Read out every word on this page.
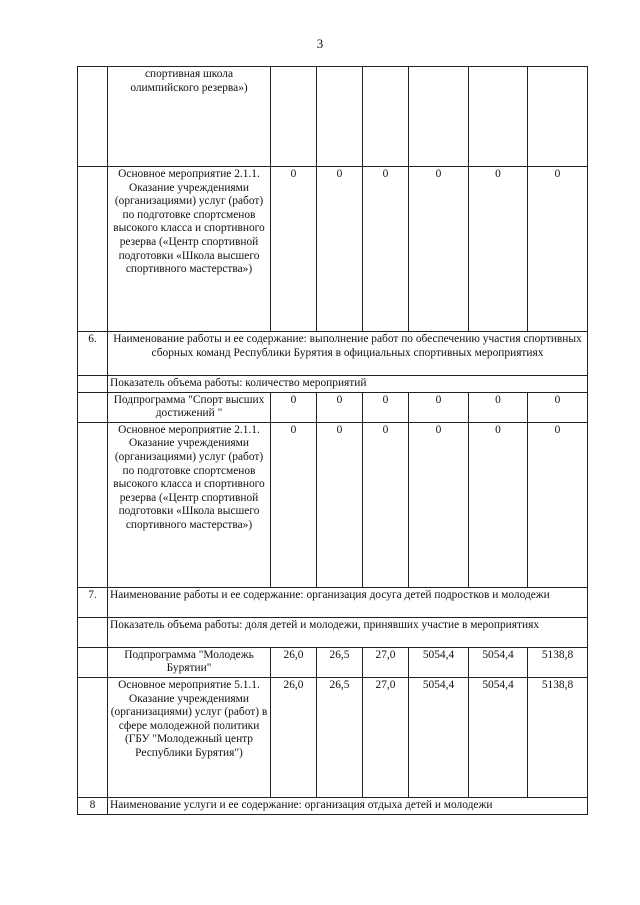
3
	спортивная школа олимпийского резерва»)						
	Основное мероприятие 2.1.1. Оказание учреждениями (организациями) услуг (работ) по подготовке спортсменов высокого класса и спортивного резерва («Центр спортивной подготовки «Школа высшего спортивного мастерства»)	0	0	0	0	0	0
6.	Наименование работы и ее содержание: выполнение работ по обеспечению участия спортивных сборных команд Республики Бурятия в официальных спортивных мероприятиях						
	Показатель объема работы: количество мероприятий						
	Подпрограмма "Спорт высших достижений "	0	0	0	0	0	0
	Основное мероприятие 2.1.1. Оказание учреждениями (организациями) услуг (работ) по подготовке спортсменов высокого класса и спортивного резерва («Центр спортивной подготовки «Школа высшего спортивного мастерства»)	0	0	0	0	0	0
7.	Наименование работы и ее содержание: организация досуга детей подростков и молодежи						
	Показатель объема работы: доля детей и молодежи, принявших участие в мероприятиях						
	Подпрограмма "Молодежь Бурятии"	26,0	26,5	27,0	5054,4	5054,4	5138,8
	Основное мероприятие 5.1.1. Оказание учреждениями (организациями) услуг (работ) в сфере молодежной политики (ГБУ "Молодежный центр Республики Бурятия")	26,0	26,5	27,0	5054,4	5054,4	5138,8
8	Наименование услуги и ее содержание: организация отдыха детей и молодежи						
